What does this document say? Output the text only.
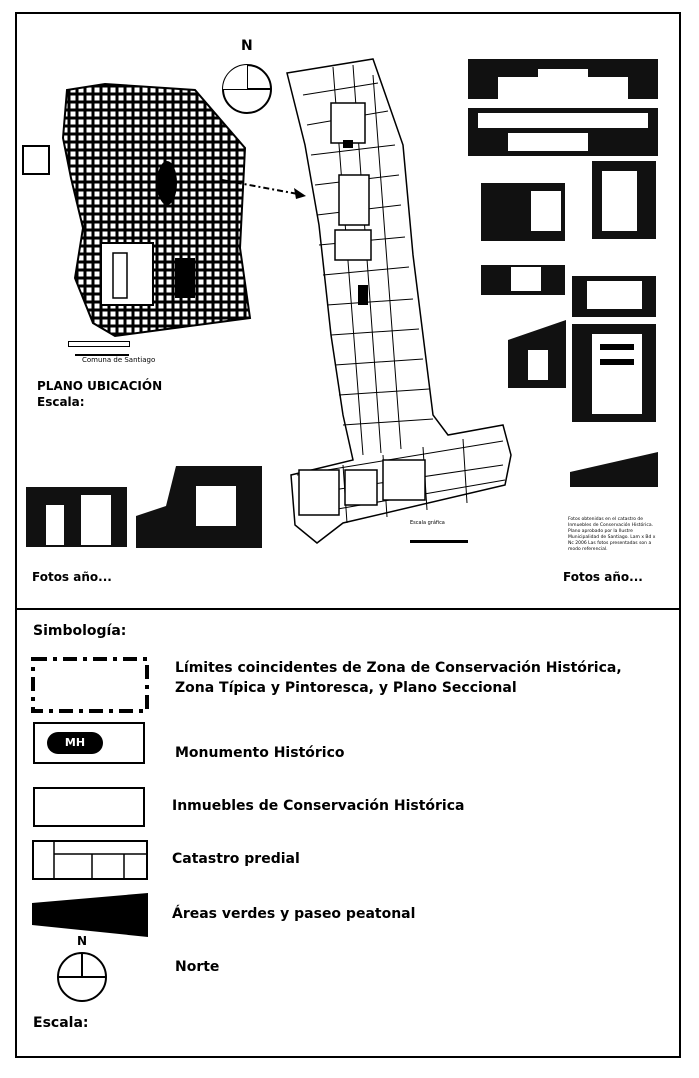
N
Comuna de Santiago
PLANO UBICACIÓN
Escala:
Escala gráfica
Fotos obtenidas en el catastro de Inmuebles de Conservación Histórica. Plano aprobado por la Ilustre Municipalidad de Santiago. Lam x Bd x Nc 2006 Las fotos presentadas son a modo referencial.
Fotos año...	Fotos año...
Simbología:
Límites coincidentes de Zona de Conservación Histórica,
Zona Típica y Pintoresca, y Plano Seccional
MH
Monumento Histórico
Inmuebles de Conservación Histórica
Catastro predial
Áreas verdes y paseo peatonal
N
Norte
Escala:
